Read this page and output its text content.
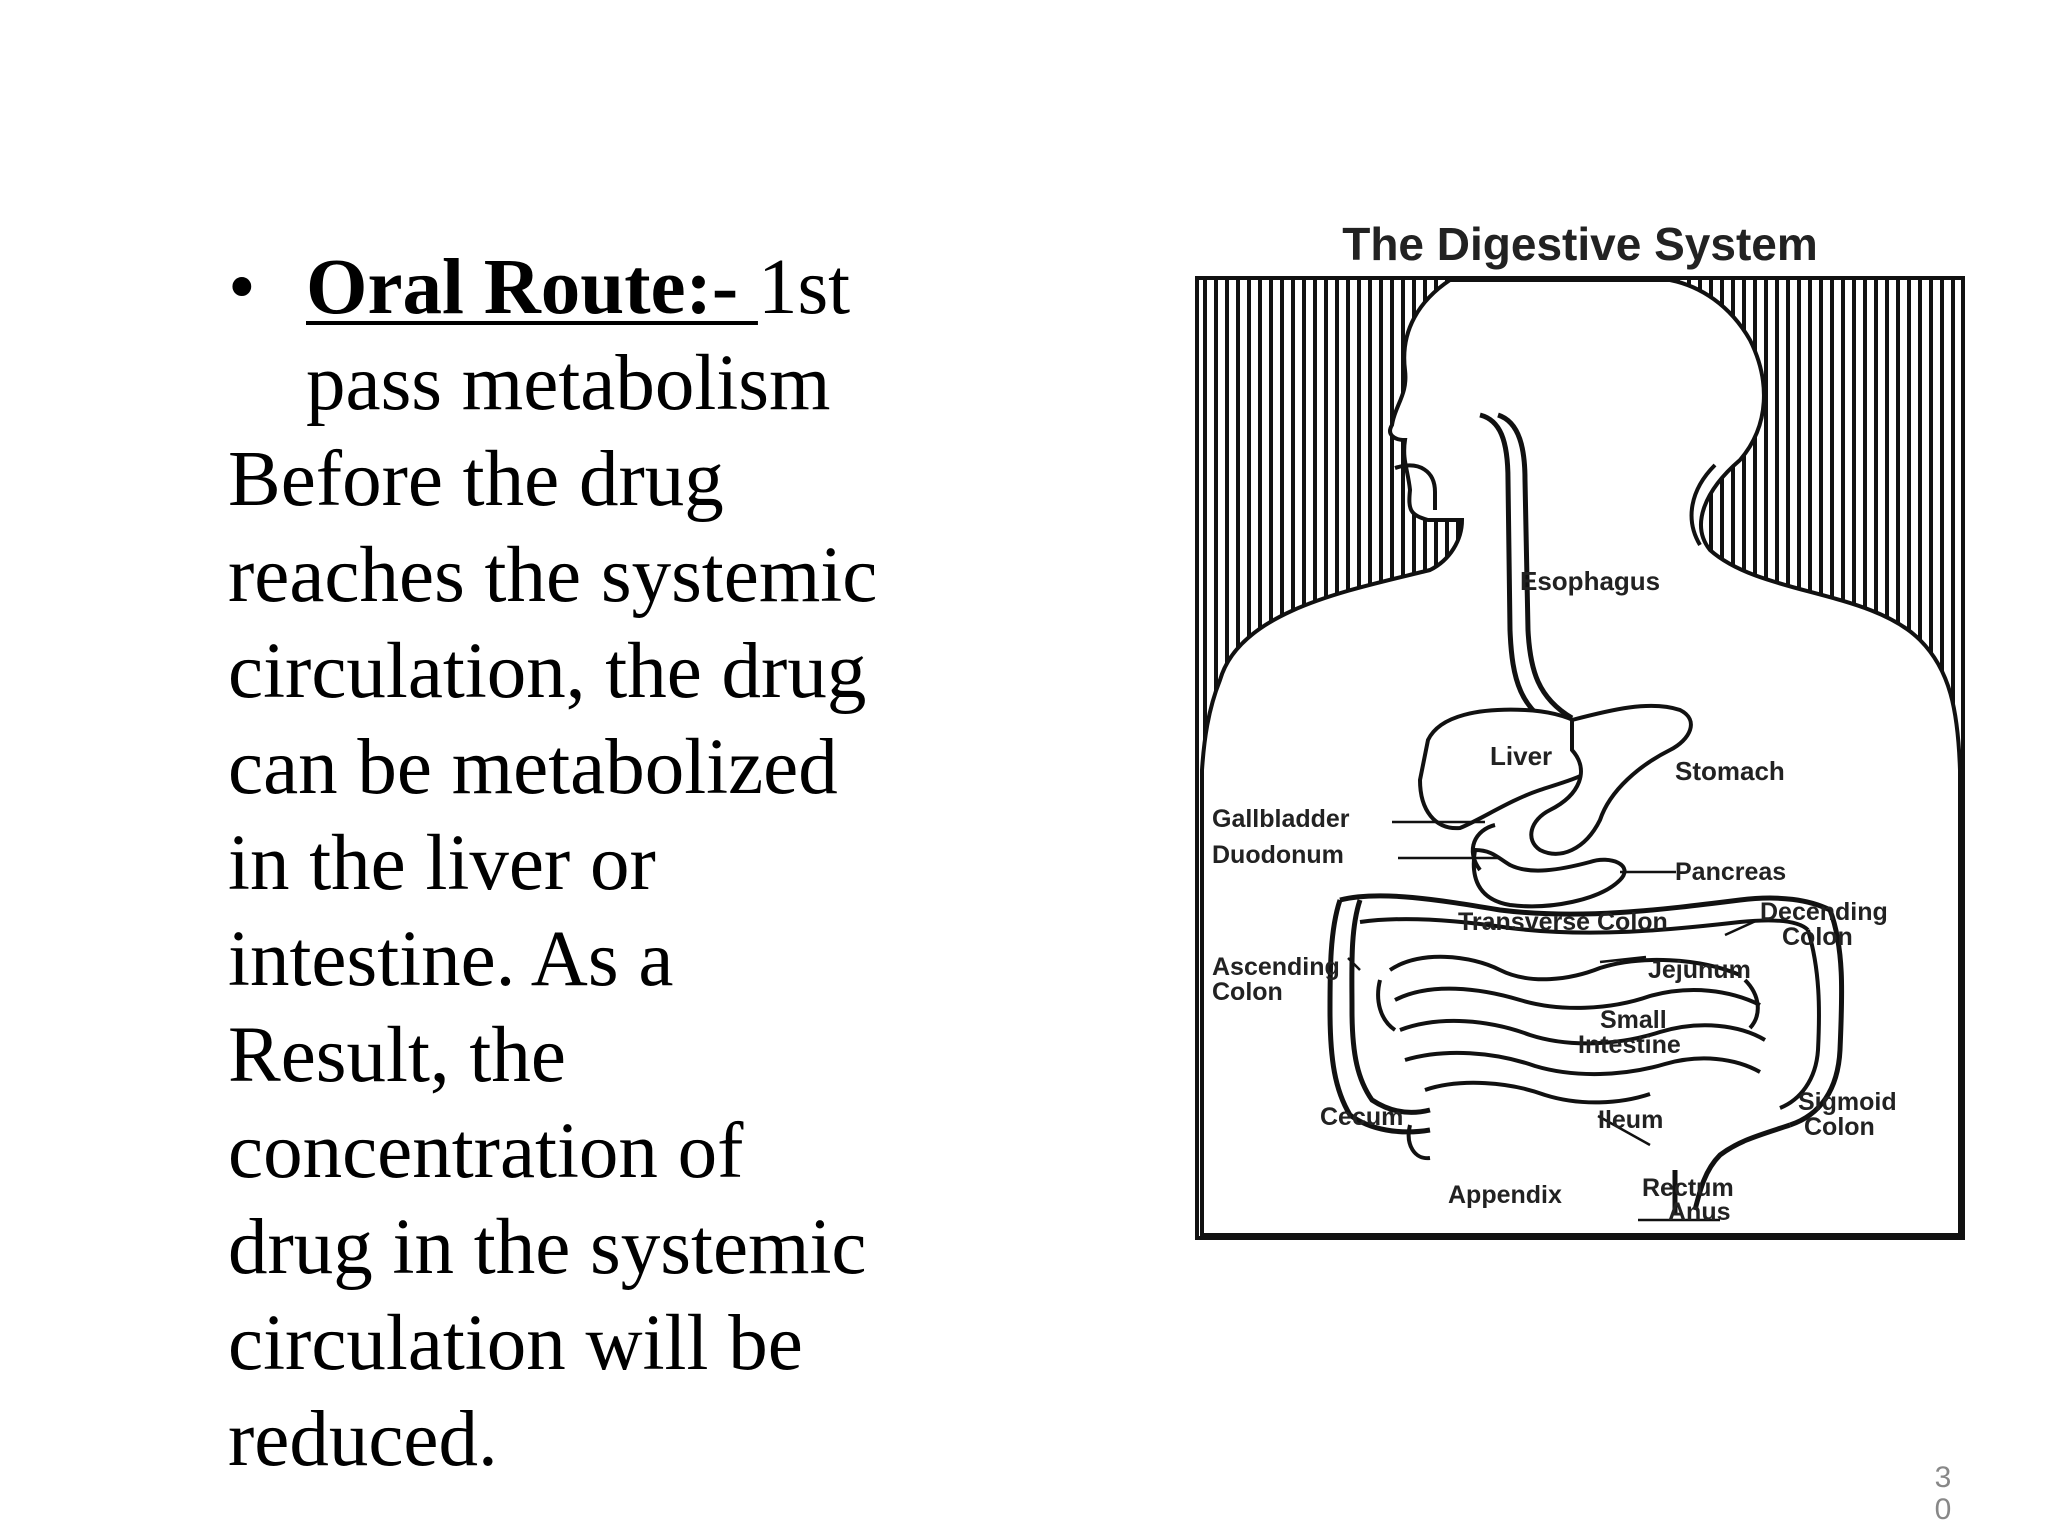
• Oral Route:- 1st
pass metabolism
Before the drug
reaches the systemic
circulation, the drug
can be metabolized
in the liver or
intestine. As a
Result, the
concentration of
drug in the systemic
circulation will be
reduced.
The Digestive System
Esophagus
Liver	Stomach
Gallbladder
Duodonum
Pancreas
Transverse Colon	Decending
Colon
Ascending
Colon
Jejunum
Small
Intestine
Sigmoid
Colon
Cecum	Ileum
Appendix	Rectum
Anus
3
0
